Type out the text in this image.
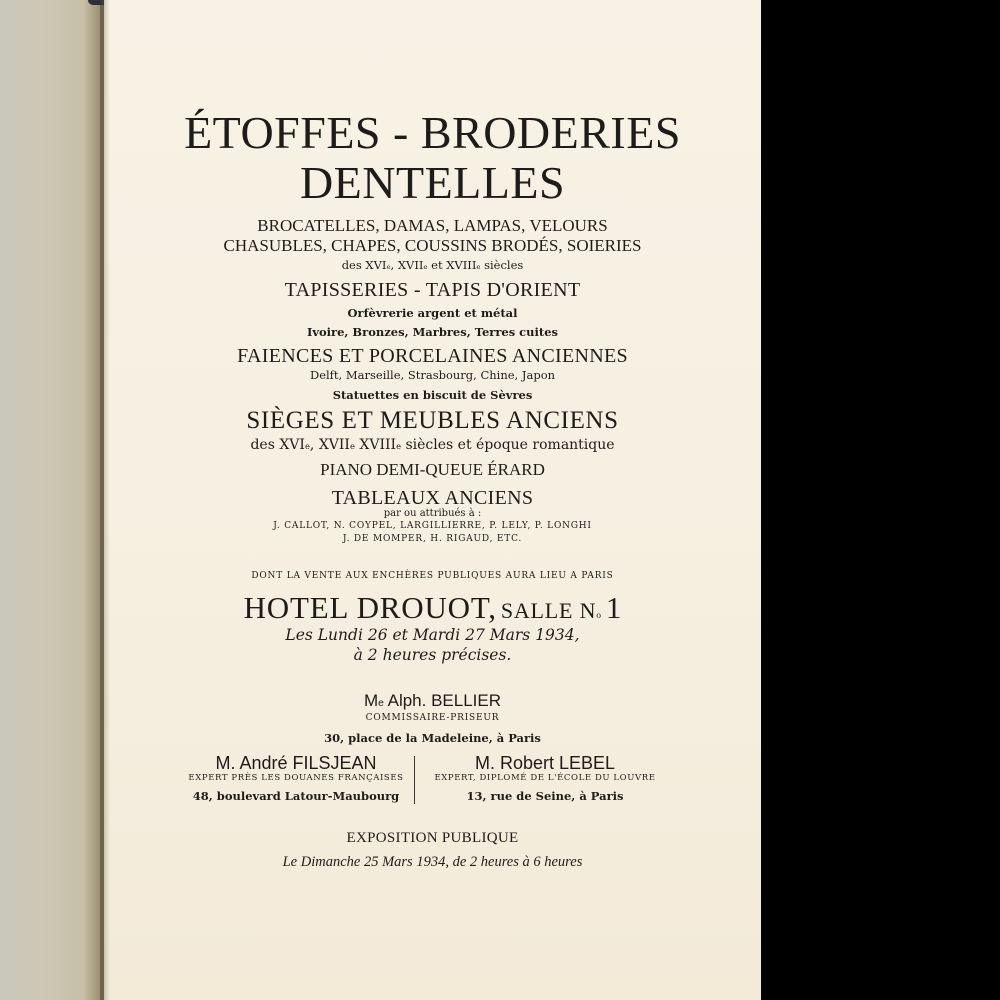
ÉTOFFES - BRODERIES
DENTELLES
BROCATELLES, DAMAS, LAMPAS, VELOURS
CHASUBLES, CHAPES, COUSSINS BRODÉS, SOIERIES
des XVIe, XVIIe et XVIIIe siècles
TAPISSERIES - TAPIS D'ORIENT
Orfèvrerie argent et métal
Ivoire, Bronzes, Marbres, Terres cuites
FAIENCES ET PORCELAINES ANCIENNES
Delft, Marseille, Strasbourg, Chine, Japon
Statuettes en biscuit de Sèvres
SIÈGES ET MEUBLES ANCIENS
des XVIe, XVIIe XVIIIe siècles et époque romantique
PIANO DEMI-QUEUE ÉRARD
TABLEAUX ANCIENS
par ou attribués à :
J. CALLOT, N. COYPEL, LARGILLIERRE, P. LELY, P. LONGHI
J. DE MOMPER, H. RIGAUD, ETC.
DONT LA VENTE AUX ENCHÈRES PUBLIQUES AURA LIEU A PARIS
HOTEL DROUOT, SALLE $N^o$ 1
Les Lundi 26 et Mardi 27 Mars 1934,
à 2 heures précises.
Me Alph. BELLIER
COMMISSAIRE-PRISEUR
30, place de la Madeleine, à Paris
M. André FILSJEAN
EXPERT PRÈS LES DOUANES FRANÇAISES
48, boulevard Latour-Maubourg
M. Robert LEBEL
EXPERT, DIPLOMÉ DE L'ÉCOLE DU LOUVRE
13, rue de Seine, à Paris
EXPOSITION PUBLIQUE
Le Dimanche 25 Mars 1934, de 2 heures à 6 heures
